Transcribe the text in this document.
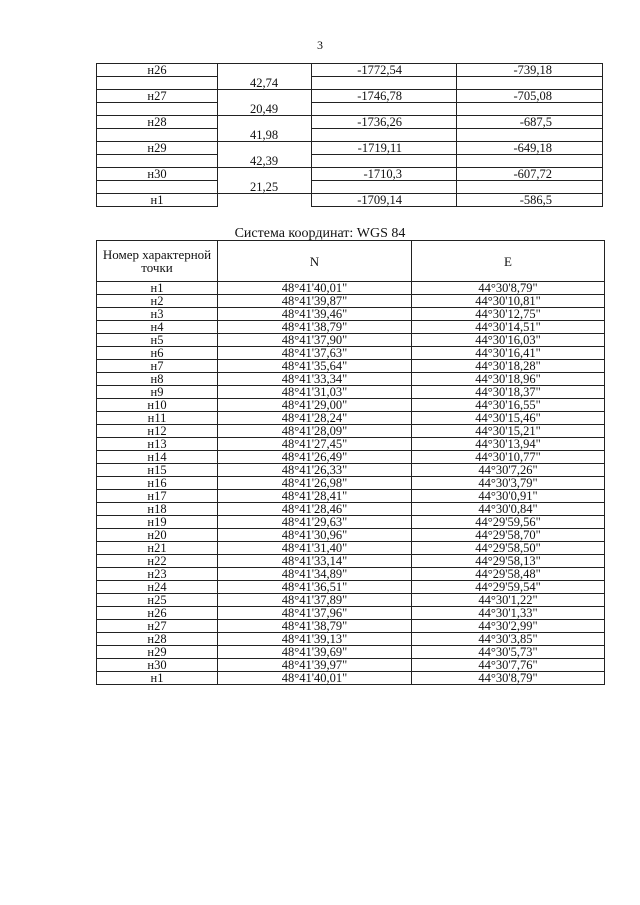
3
н26		-1772,54	-739,18
	42,74		
н27		-1746,78	-705,08
	20,49		
н28		-1736,26	-687,5
	41,98		
н29		-1719,11	-649,18
	42,39		
н30		-1710,3	-607,72
	21,25		
н1		-1709,14	-586,5
Система координат: WGS 84
Номер характерной точки	N	E
н1	48°41'40,01"	44°30'8,79"
н2	48°41'39,87"	44°30'10,81"
н3	48°41'39,46"	44°30'12,75"
н4	48°41'38,79"	44°30'14,51"
н5	48°41'37,90"	44°30'16,03"
н6	48°41'37,63"	44°30'16,41"
н7	48°41'35,64"	44°30'18,28"
н8	48°41'33,34"	44°30'18,96"
н9	48°41'31,03"	44°30'18,37"
н10	48°41'29,00"	44°30'16,55"
н11	48°41'28,24"	44°30'15,46"
н12	48°41'28,09"	44°30'15,21"
н13	48°41'27,45"	44°30'13,94"
н14	48°41'26,49"	44°30'10,77"
н15	48°41'26,33"	44°30'7,26"
н16	48°41'26,98"	44°30'3,79"
н17	48°41'28,41"	44°30'0,91"
н18	48°41'28,46"	44°30'0,84"
н19	48°41'29,63"	44°29'59,56"
н20	48°41'30,96"	44°29'58,70"
н21	48°41'31,40"	44°29'58,50"
н22	48°41'33,14"	44°29'58,13"
н23	48°41'34,89"	44°29'58,48"
н24	48°41'36,51"	44°29'59,54"
н25	48°41'37,89"	44°30'1,22"
н26	48°41'37,96"	44°30'1,33"
н27	48°41'38,79"	44°30'2,99"
н28	48°41'39,13"	44°30'3,85"
н29	48°41'39,69"	44°30'5,73"
н30	48°41'39,97"	44°30'7,76"
н1	48°41'40,01"	44°30'8,79"
